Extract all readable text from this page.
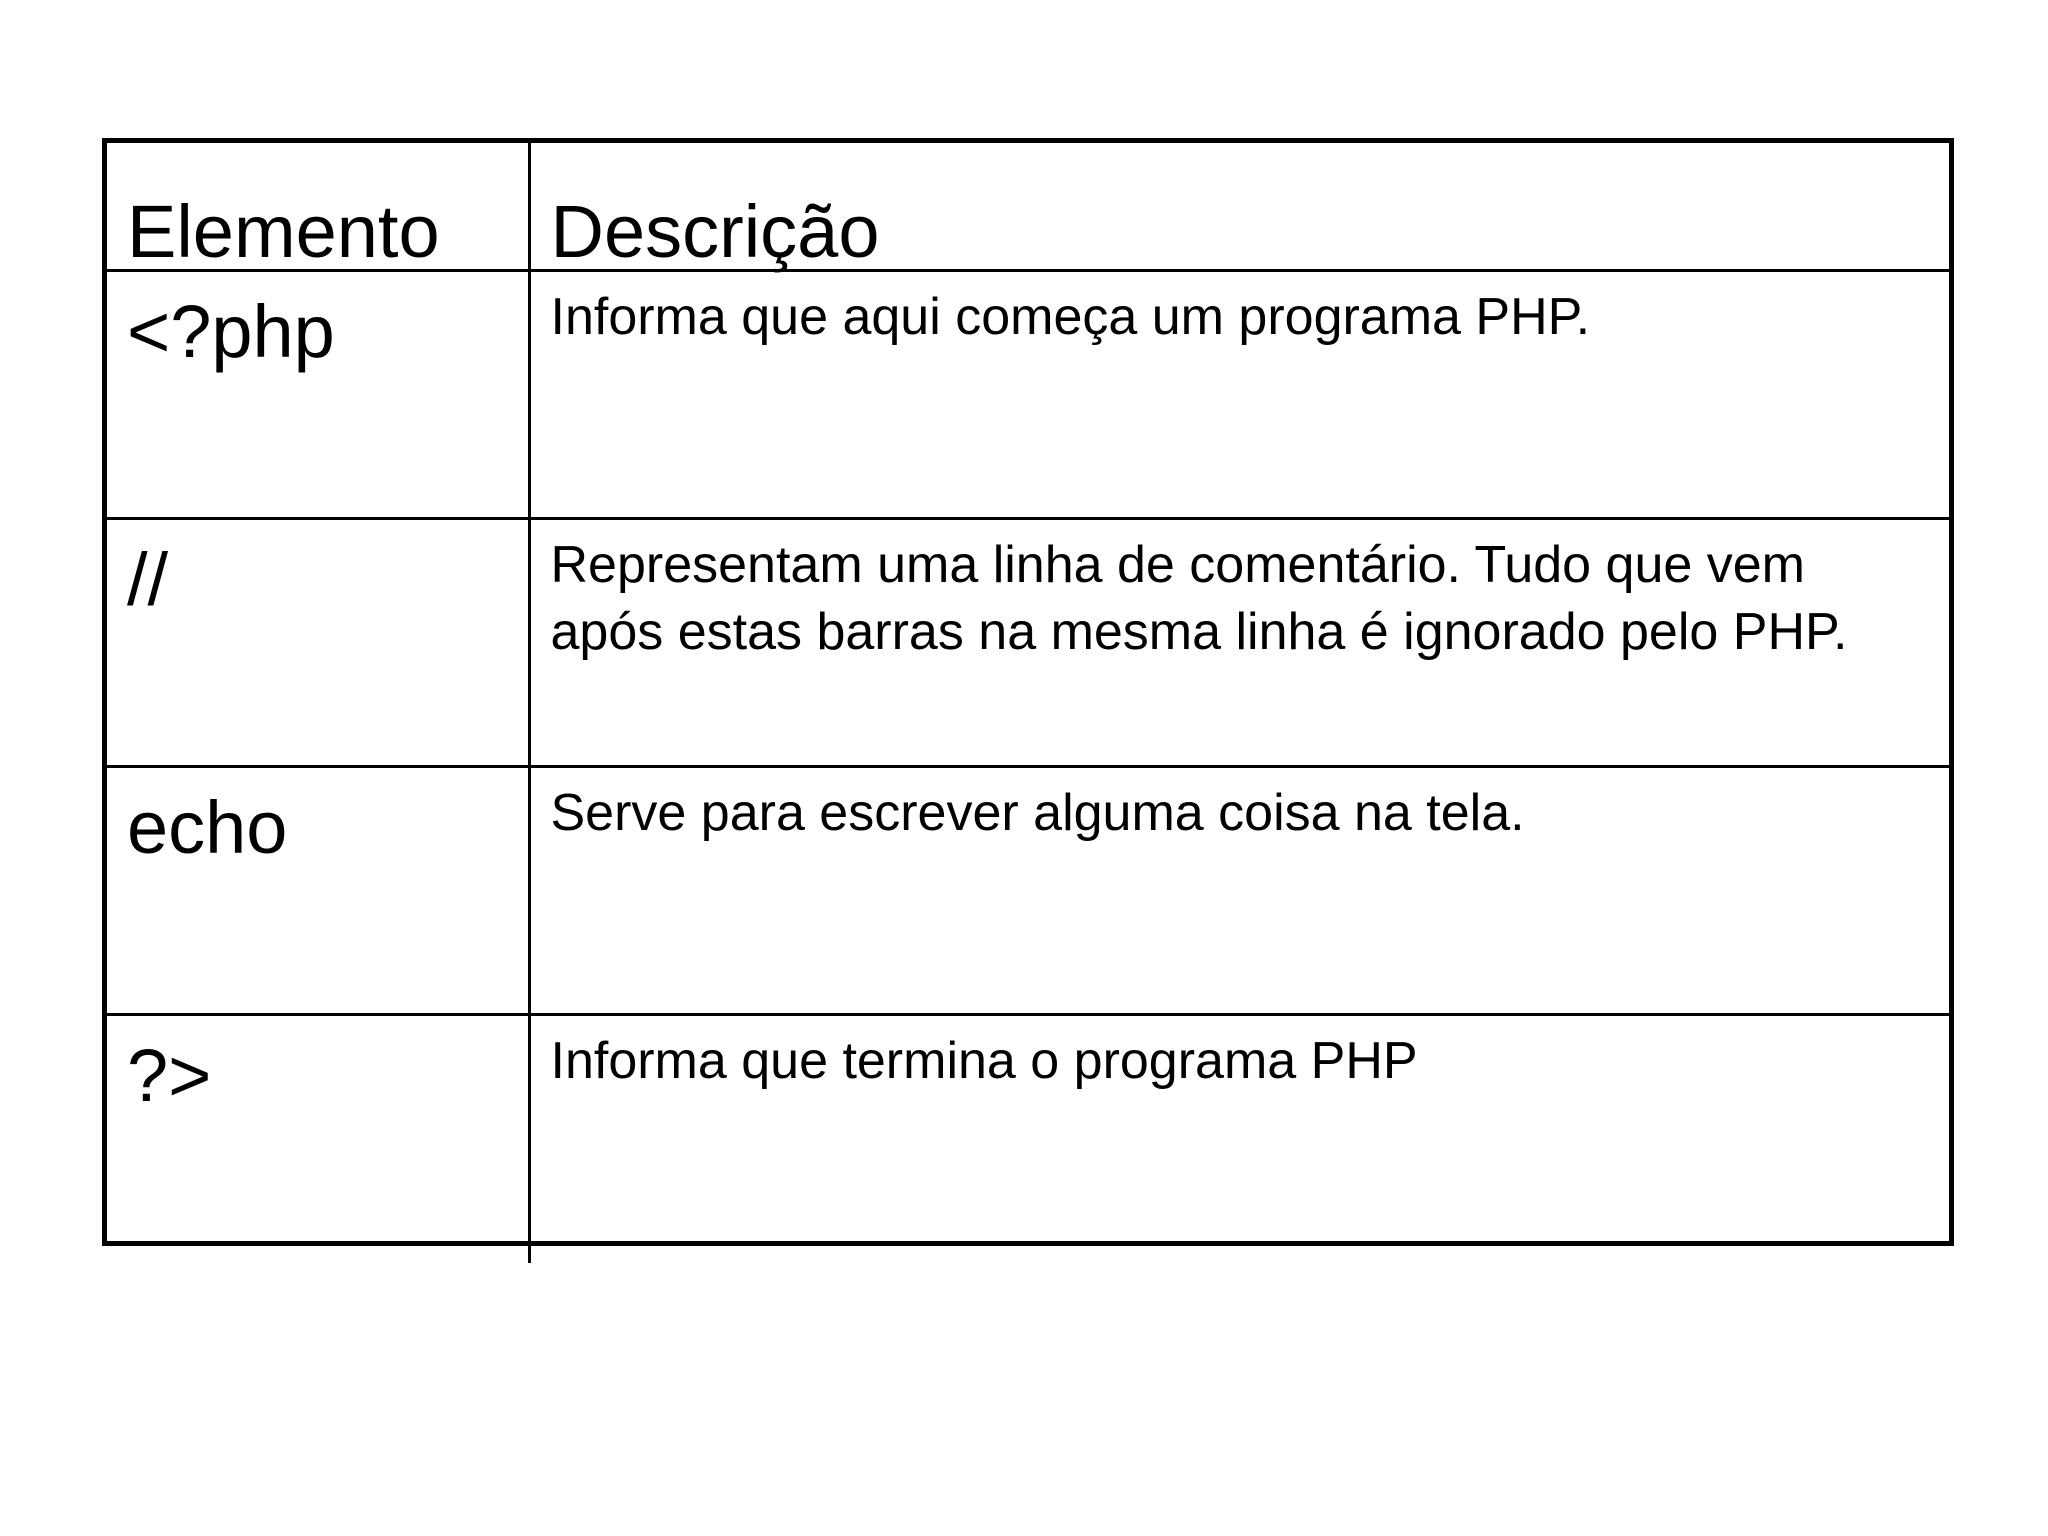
Elemento	Descrição

<?php	Informa que aqui começa um programa PHP.

//	Representam uma linha de comentário. Tudo que vem após estas barras na mesma linha é ignorado pelo PHP.

echo	Serve para escrever alguma coisa na tela.

?>	Informa que termina o programa PHP
